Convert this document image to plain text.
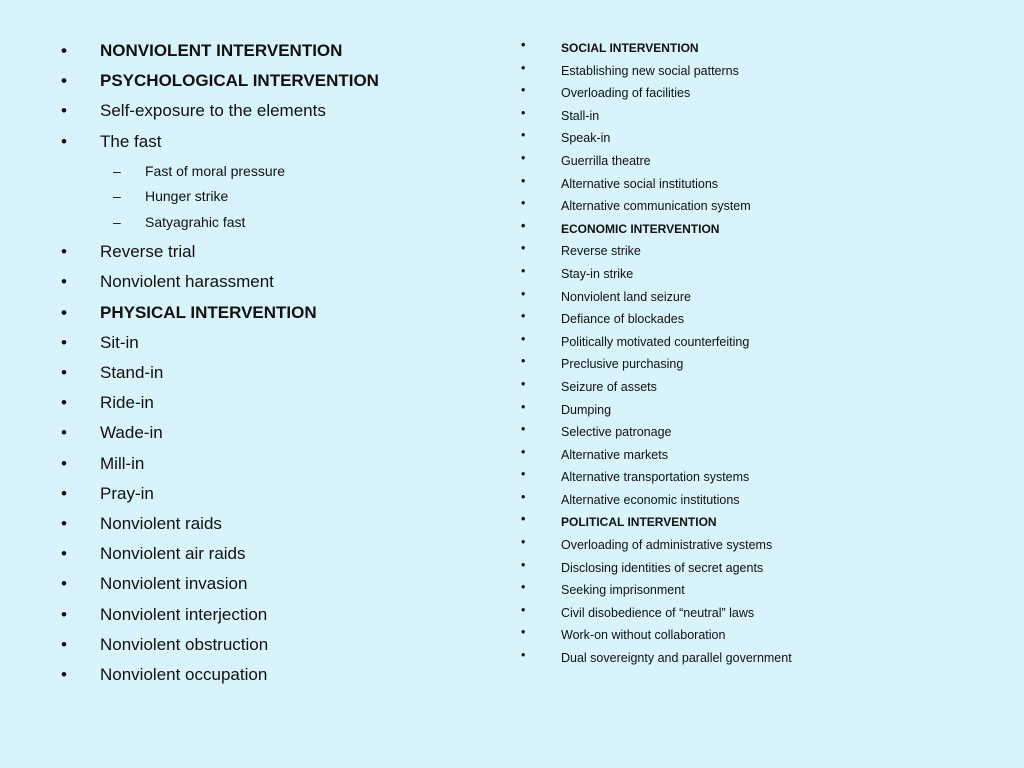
• NONVIOLENT INTERVENTION
• PSYCHOLOGICAL INTERVENTION
• Self-exposure to the elements
• The fast
– Fast of moral pressure
– Hunger strike
– Satyagrahic fast
• Reverse trial
• Nonviolent harassment
• PHYSICAL INTERVENTION
• Sit-in
• Stand-in
• Ride-in
• Wade-in
• Mill-in
• Pray-in
• Nonviolent raids
• Nonviolent air raids
• Nonviolent invasion
• Nonviolent interjection
• Nonviolent obstruction
• Nonviolent occupation
•	SOCIAL INTERVENTION
•	Establishing new social patterns
•	Overloading of facilities
•	Stall-in
•	Speak-in
•	Guerrilla theatre
•	Alternative social institutions
•	Alternative communication system
•	ECONOMIC INTERVENTION
•	Reverse strike
•	Stay-in strike
•	Nonviolent land seizure
•	Defiance of blockades
•	Politically motivated counterfeiting
•	Preclusive purchasing
•	Seizure of assets
•	Dumping
•	Selective patronage
•	Alternative markets
•	Alternative transportation systems
•	Alternative economic institutions
•	POLITICAL INTERVENTION
•	Overloading of administrative systems
•	Disclosing identities of secret agents
•	Seeking imprisonment
•	Civil disobedience of “neutral” laws
•	Work-on without collaboration
•	Dual sovereignty and parallel government
